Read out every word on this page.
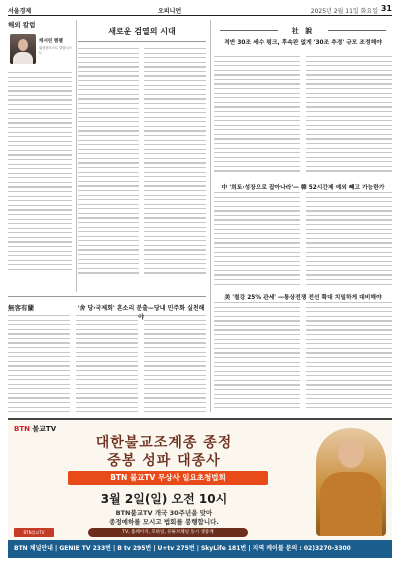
서울경제	오피니언	2025년 2월 11일 화요일 31
해외 칼럼
캐서린 렘펠
워싱턴포스트 칼럼니스트
새로운 검열의 시대	社 說
적반 30조 세수 펑크, 후속판 없게 '30조 추경' 규모 조정해야
中 '희토·성장으로 잡아나라'— 韓 52시간제 예외 빼고 가능한가
美 '철강 25% 관세' ―통상전쟁 전선 확대 치밀하게 대비해야
無客有蘭	'舍 당·국제회' 흔소리 분출—당내 민주화 실천해야
BTN 불교TV
대한불교조계종 종정
중봉 성파 대종사
BTN 불교TV 무상사 일요초청법회
3월 2일(일) 오전 10시
BTN불교TV 개국 30주년을 맞아
종정예하를 모시고 법회를 봉행합니다.
BTN불교TV	TV, 홈페이지, 모바일, 유튜브채널 동시 생중계
BTN 채널안내 | GENIE TV 233번 | B tv 295번 | U+tv 275번 | SkyLife 181번 | 지역 케이블 문의 : 02)3270-3300
